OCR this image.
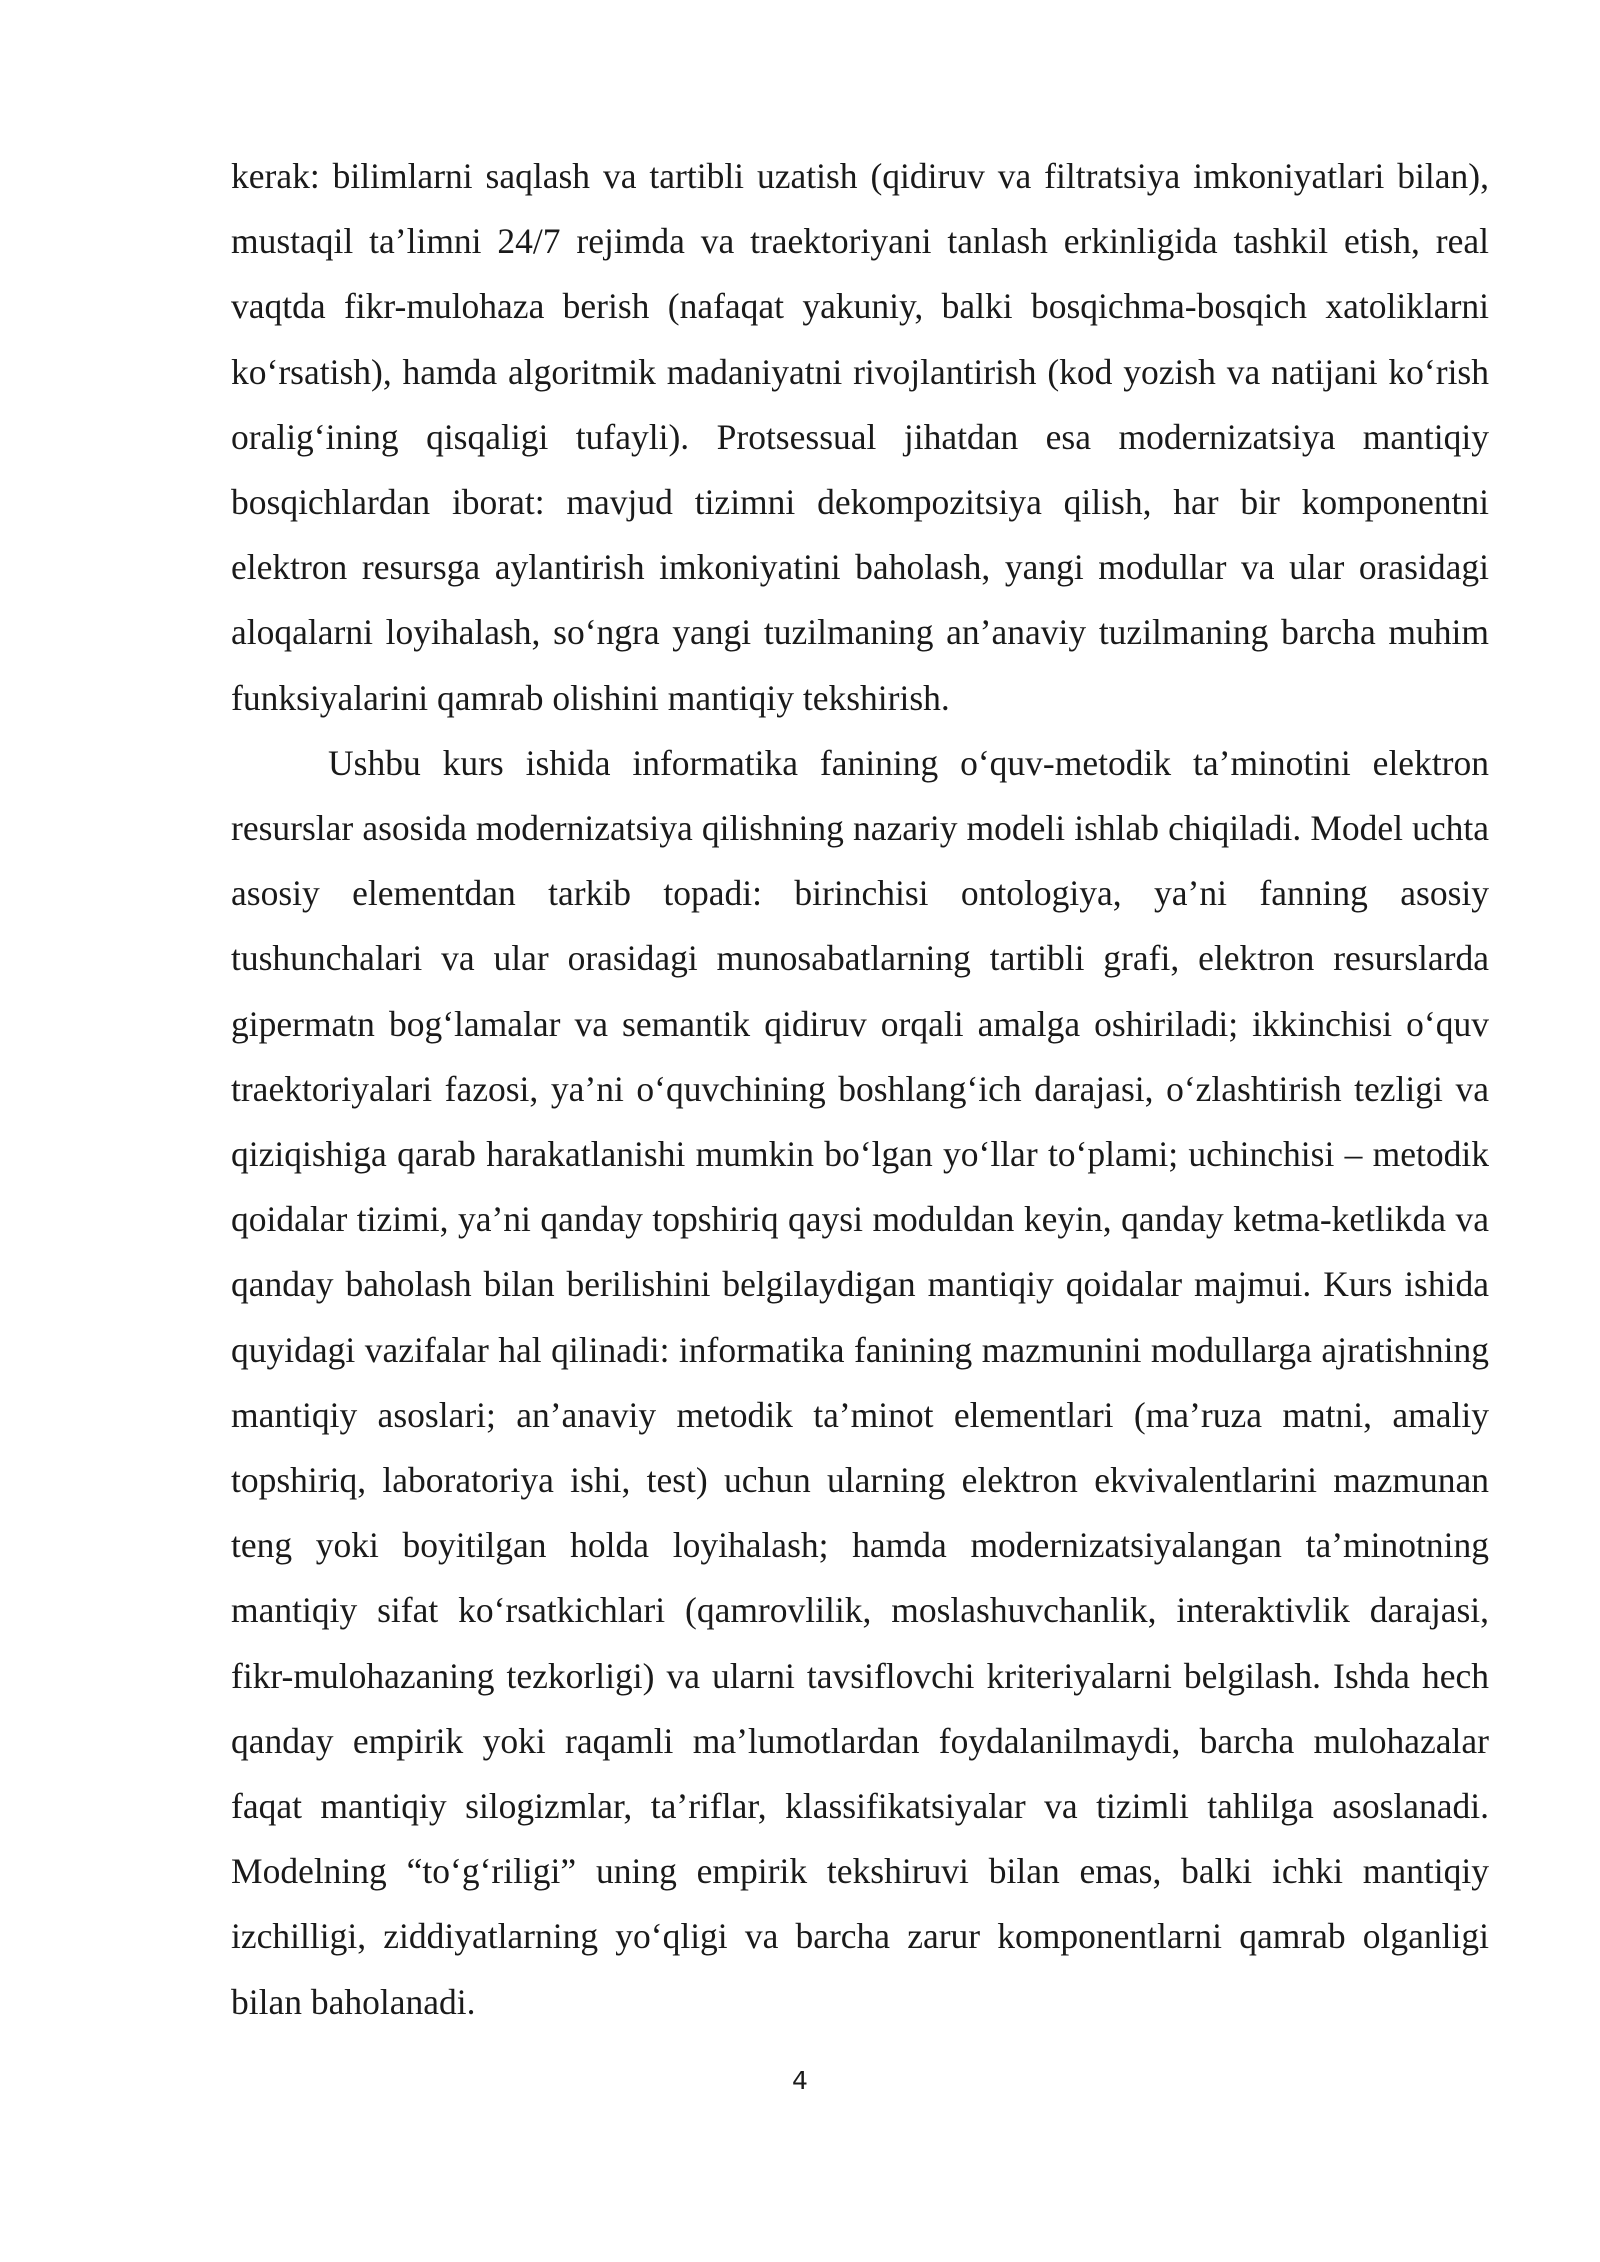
kerak: bilimlarni saqlash va tartibli uzatish (qidiruv va filtratsiya imkoniyatlari bilan), mustaqil ta’limni 24/7 rejimda va traektoriyani tanlash erkinligida tashkil etish, real vaqtda fikr-mulohaza berish (nafaqat yakuniy, balki bosqichma-bosqich xatoliklarni ko‘rsatish), hamda algoritmik madaniyatni rivojlantirish (kod yozish va natijani ko‘rish oralig‘ining qisqaligi tufayli). Protsessual jihatdan esa modernizatsiya mantiqiy bosqichlardan iborat: mavjud tizimni dekompozitsiya qilish, har bir komponentni elektron resursga aylantirish imkoniyatini baholash, yangi modullar va ular orasidagi aloqalarni loyihalash, so‘ngra yangi tuzilmaning an’anaviy tuzilmaning barcha muhim funksiyalarini qamrab olishini mantiqiy tekshirish.

Ushbu kurs ishida informatika fanining o‘quv-metodik ta’minotini elektron resurslar asosida modernizatsiya qilishning nazariy modeli ishlab chiqiladi. Model uchta asosiy elementdan tarkib topadi: birinchisi ontologiya, ya’ni fanning asosiy tushunchalari va ular orasidagi munosabatlarning tartibli grafi, elektron resurslarda gipermatn bog‘lamalar va semantik qidiruv orqali amalga oshiriladi; ikkinchisi o‘quv traektoriyalari fazosi, ya’ni o‘quvchining boshlang‘ich darajasi, o‘zlashtirish tezligi va qiziqishiga qarab harakatlanishi mumkin bo‘lgan yo‘llar to‘plami; uchinchisi – metodik qoidalar tizimi, ya’ni qanday topshiriq qaysi moduldan keyin, qanday ketma-ketlikda va qanday baholash bilan berilishini belgilaydigan mantiqiy qoidalar majmui. Kurs ishida quyidagi vazifalar hal qilinadi: informatika fanining mazmunini modullarga ajratishning mantiqiy asoslari; an’anaviy metodik ta’minot elementlari (ma’ruza matni, amaliy topshiriq, laboratoriya ishi, test) uchun ularning elektron ekvivalentlarini mazmunan teng yoki boyitilgan holda loyihalash; hamda modernizatsiyalangan ta’minotning mantiqiy sifat ko‘rsatkichlari (qamrovlilik, moslashuvchanlik, interaktivlik darajasi, fikr-mulohazaning tezkorligi) va ularni tavsiflovchi kriteriyalarni belgilash. Ishda hech qanday empirik yoki raqamli ma’lumotlardan foydalanilmaydi, barcha mulohazalar faqat mantiqiy silogizmlar, ta’riflar, klassifikatsiyalar va tizimli tahlilga asoslanadi. Modelning “to‘g‘riligi” uning empirik tekshiruvi bilan emas, balki ichki mantiqiy izchilligi, ziddiyatlarning yo‘qligi va barcha zarur komponentlarni qamrab olganligi bilan baholanadi.

4
